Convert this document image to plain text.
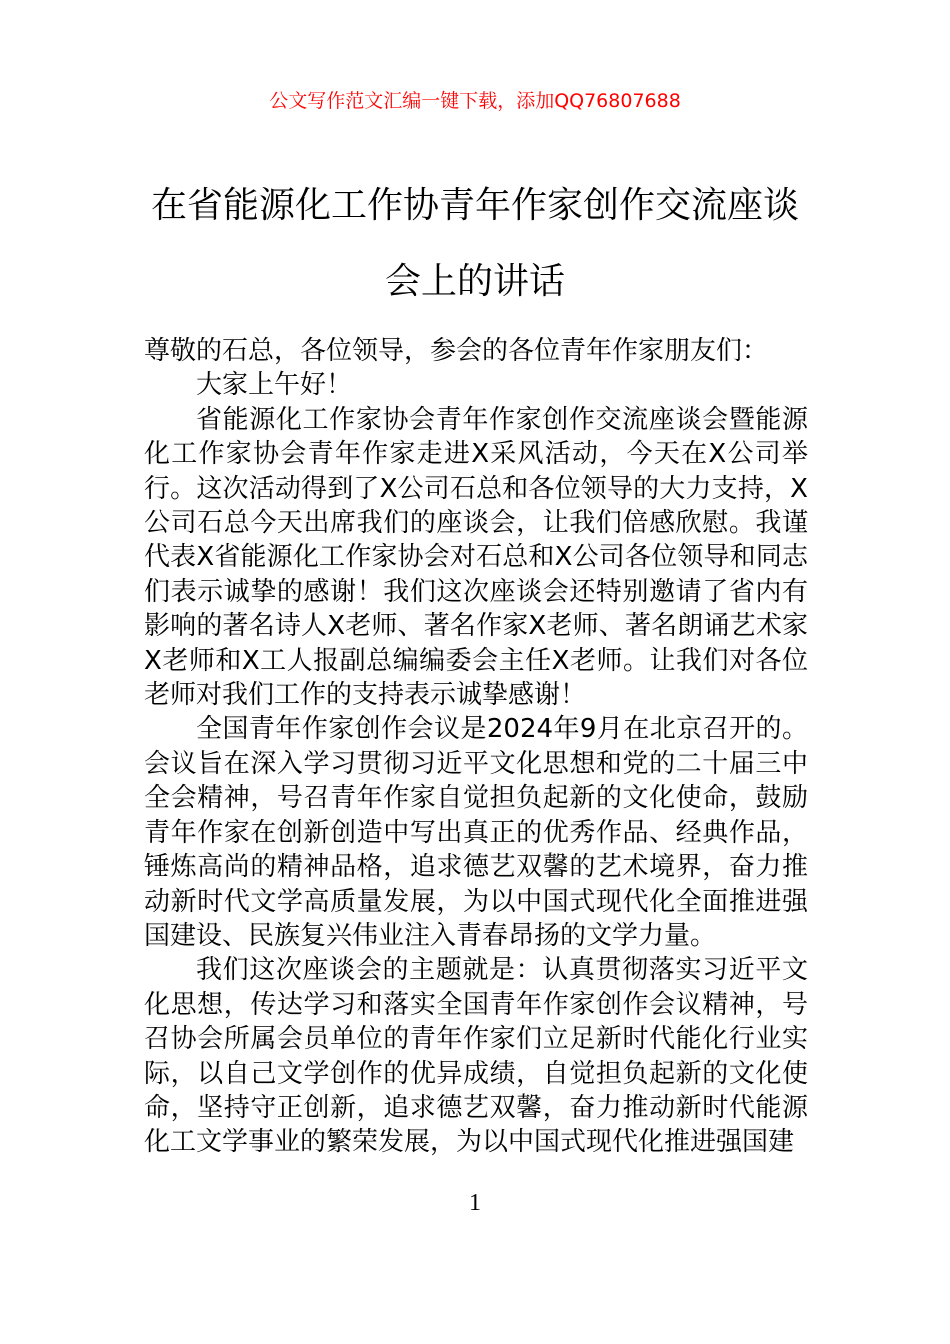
公文写作范文汇编一键下载，添加QQ76807688
在省能源化工作协青年作家创作交流座谈会上的讲话

尊敬的石总，各位领导，参会的各位青年作家朋友们：

大家上午好！

省能源化工作家协会青年作家创作交流座谈会暨能源化工作家协会青年作家走进X采风活动，今天在X公司举行。这次活动得到了X公司石总和各位领导的大力支持，X公司石总今天出席我们的座谈会，让我们倍感欣慰。我谨代表X省能源化工作家协会对石总和X公司各位领导和同志们表示诚挚的感谢！我们这次座谈会还特别邀请了省内有影响的著名诗人X老师、著名作家X老师、著名朗诵艺术家X老师和X工人报副总编编委会主任X老师。让我们对各位老师对我们工作的支持表示诚挚感谢！

全国青年作家创作会议是2024年9月在北京召开的。会议旨在深入学习贯彻习近平文化思想和党的二十届三中全会精神，号召青年作家自觉担负起新的文化使命，鼓励青年作家在创新创造中写出真正的优秀作品、经典作品，锤炼高尚的精神品格，追求德艺双馨的艺术境界，奋力推动新时代文学高质量发展，为以中国式现代化全面推进强国建设、民族复兴伟业注入青春昂扬的文学力量。

我们这次座谈会的主题就是：认真贯彻落实习近平文化思想，传达学习和落实全国青年作家创作会议精神，号召协会所属会员单位的青年作家们立足新时代能化行业实际，以自己文学创作的优异成绩，自觉担负起新的文化使命，坚持守正创新，追求德艺双馨，奋力推动新时代能源化工文学事业的繁荣发展，为以中国式现代化推进强国建

1
